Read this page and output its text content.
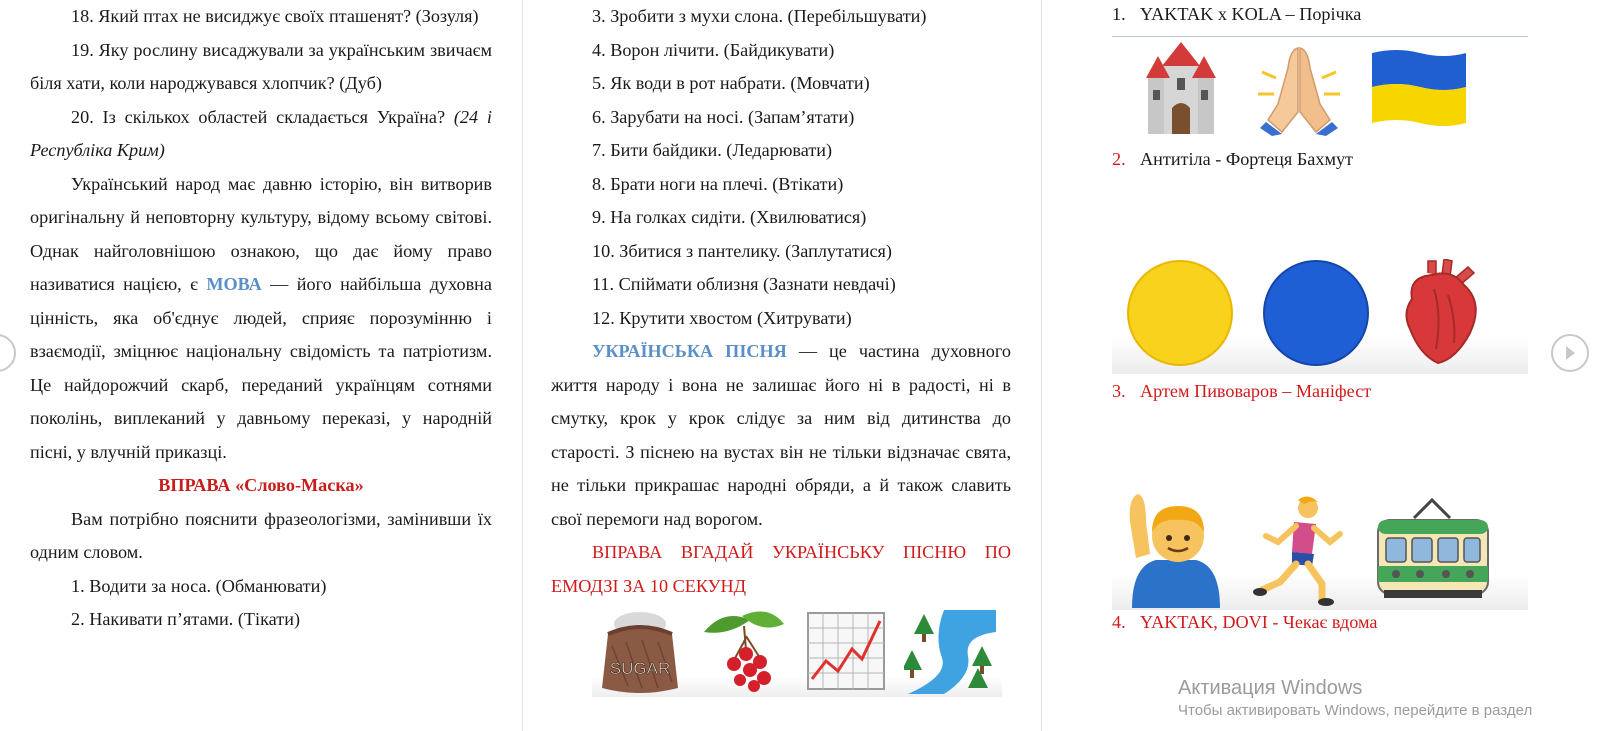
18. Який птах не висиджує своїх пташенят? (Зозуля)

19. Яку рослину висаджували за українським звичаєм біля хати, коли народжувався хлопчик? (Дуб)

20. Із скількох областей складається Україна? (24 і Республіка Крим)

Український народ має давню історію, він витворив оригінальну й неповторну культуру, відому всьому світові. Однак найголовнішою ознакою, що дає йому право називатися нацією, є МОВА — його найбільша духовна цінність, яка об'єднує людей, сприяє порозумінню і взаємодії, зміцнює національну свідомість та патріотизм. Це найдорожчий скарб, переданий українцям сотнями поколінь, виплеканий у давньому переказі, у народній пісні, у влучній приказці.

ВПРАВА «Слово-Маска»

Вам потрібно пояснити фразеологізми, замінивши їх одним словом.

1. Водити за носа. (Обманювати)

2. Накивати п’ятами. (Тікати)

3. Зробити з мухи слона. (Перебільшувати)

4. Ворон лічити. (Байдикувати)

5. Як води в рот набрати. (Мовчати)

6. Зарубати на носі. (Запам’ятати)

7. Бити байдики. (Ледарювати)

8. Брати ноги на плечі. (Втікати)

9. На голках сидіти. (Хвилюватися)

10. Збитися з пантелику. (Заплутатися)

11. Спіймати облизня (Зазнати невдачі)

12. Крутити хвостом (Хитрувати)

УКРАЇНСЬКА ПІСНЯ — це частина духовного життя народу і вона не залишає його ні в радості, ні в смутку, крок у крок слідує за ним від дитинства до старості. З піснею на вустах він не тільки відзначає свята, не тільки прикрашає народні обряди, а й також славить свої перемоги над ворогом.

ВПРАВА ВГАДАЙ УКРАЇНСЬКУ ПІСНЮ ПО ЕМОДЗІ ЗА 10 СЕКУНД

SUGAR
1. YAKTAK x KOLA – Порічка
2. Антитіла - Фортеця Бахмут
3. Артем Пивоваров – Маніфест
4. YAKTAK, DOVI - Чекає вдома
Активация Windows
Чтобы активировать Windows, перейдите в раздел
